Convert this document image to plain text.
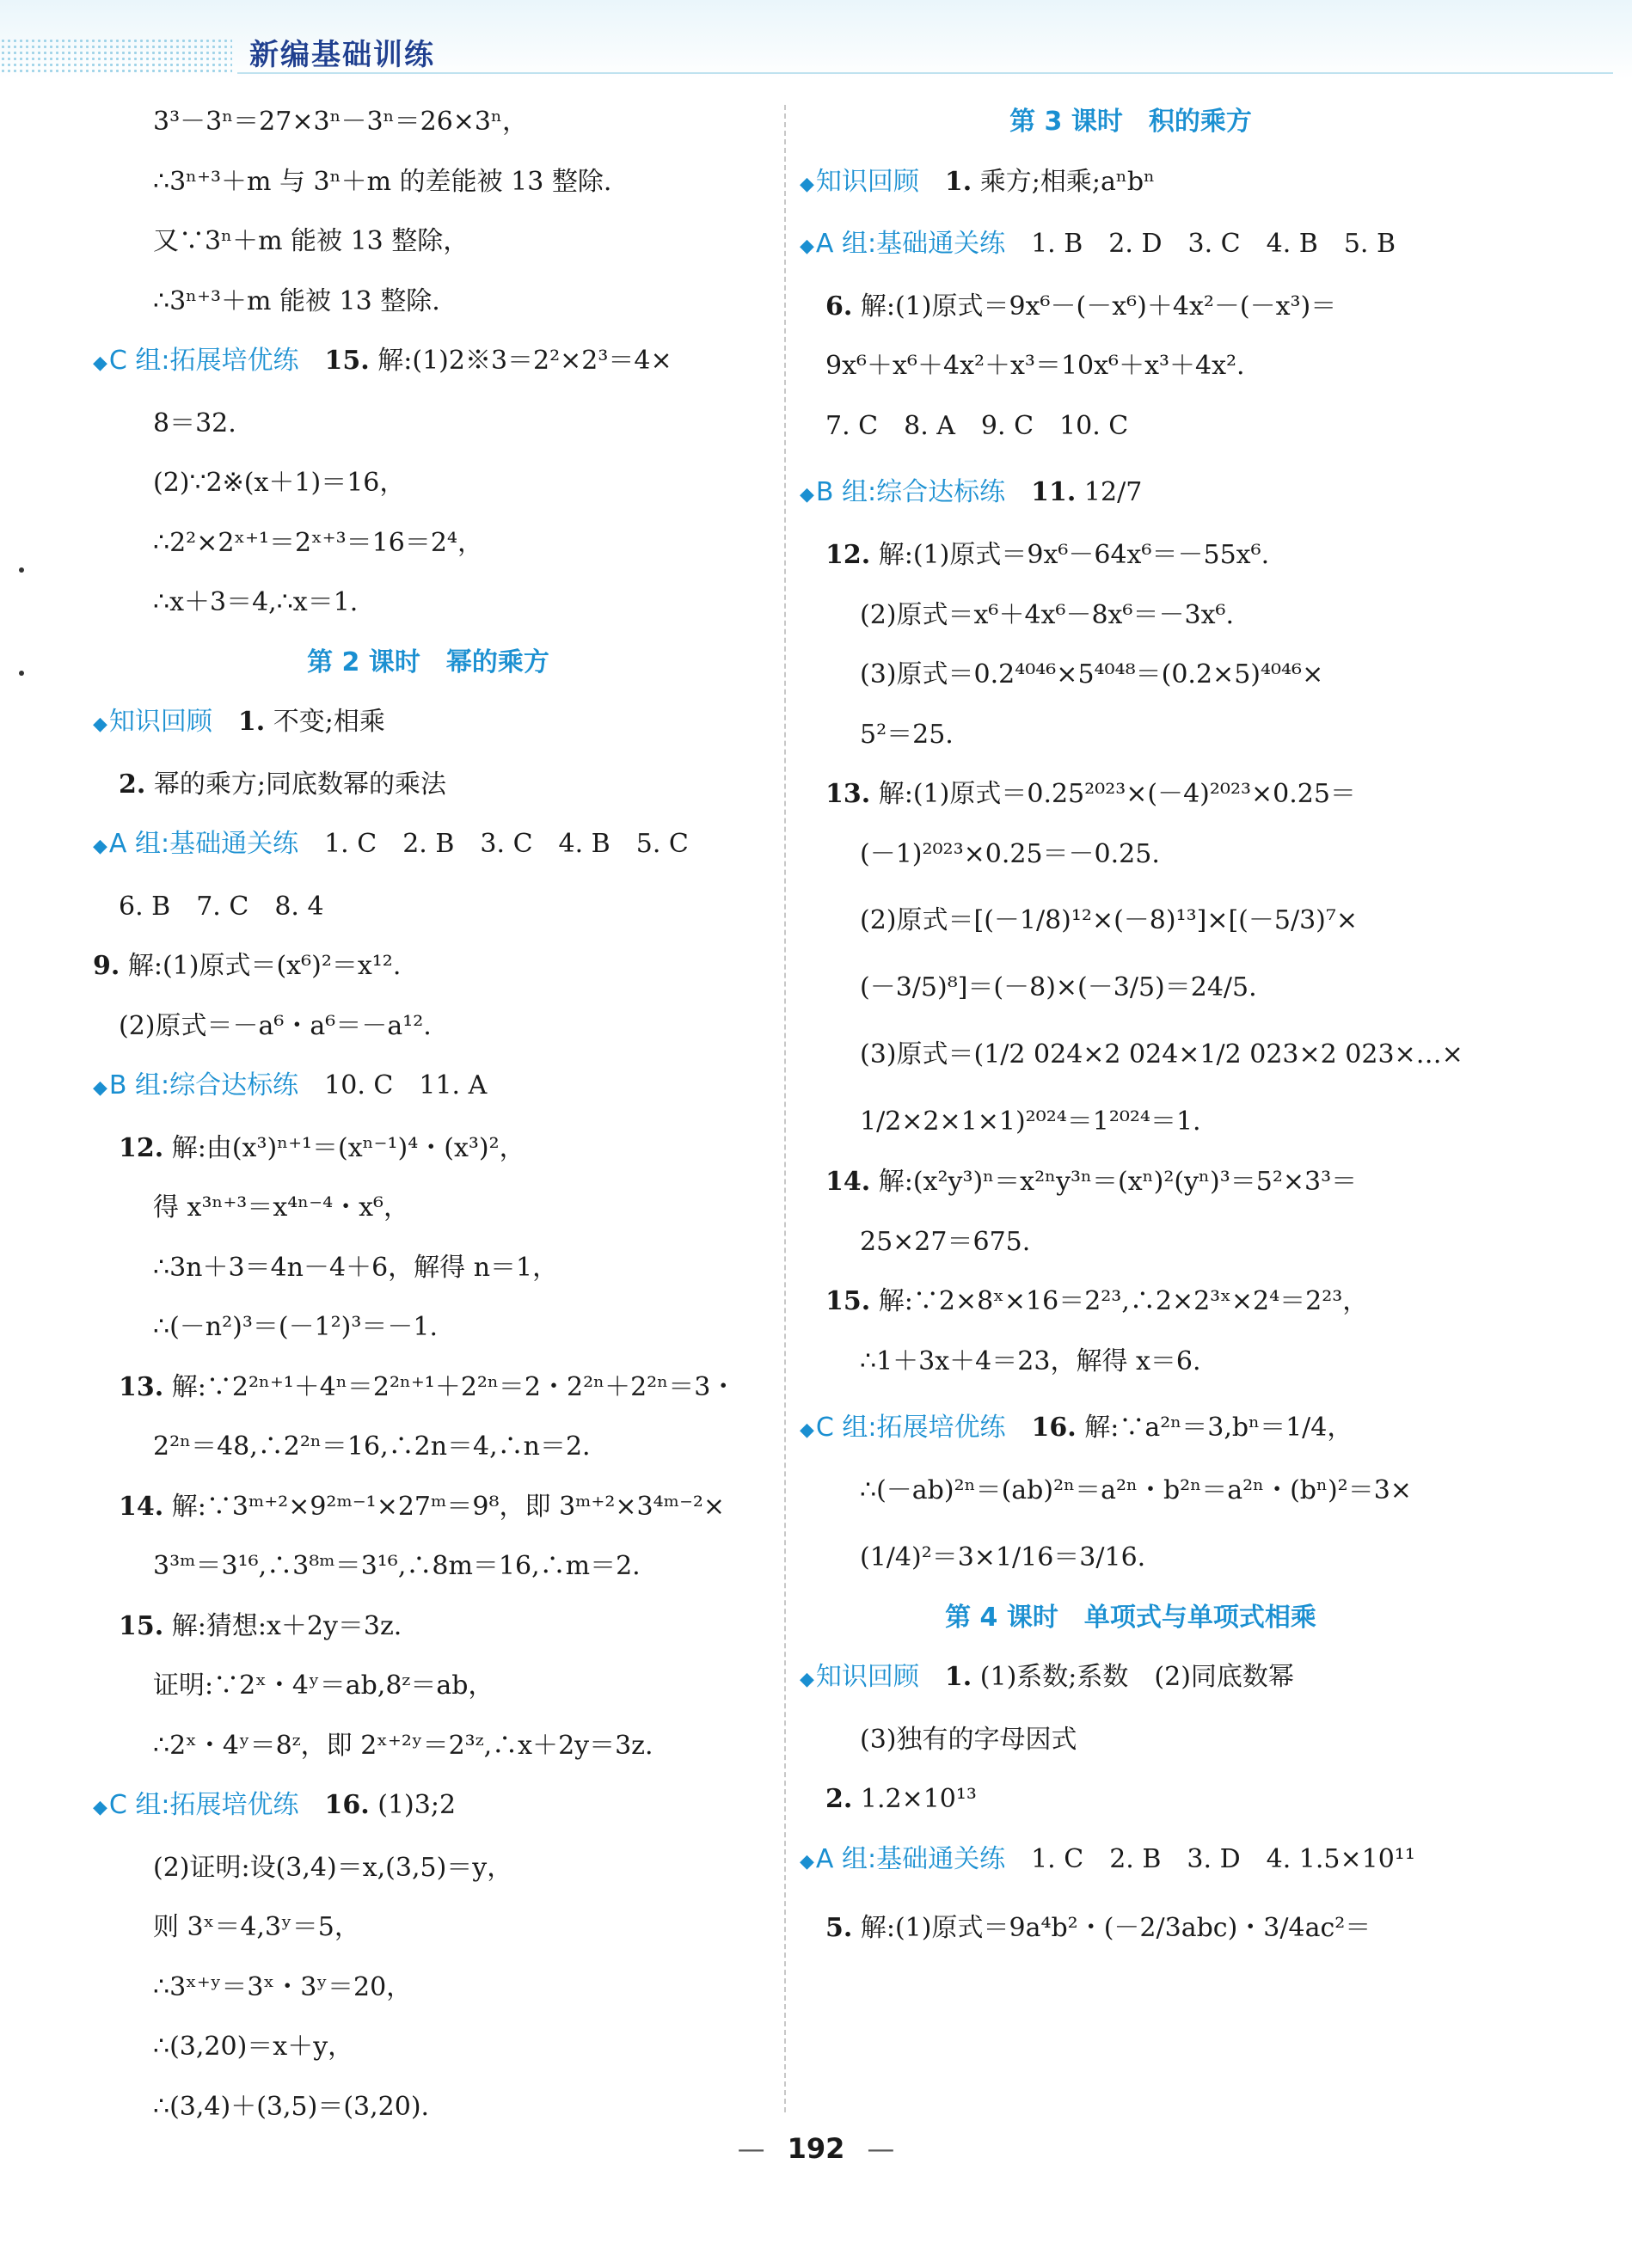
新编基础训练
3³－3ⁿ＝27×3ⁿ－3ⁿ＝26×3ⁿ，
∴3ⁿ⁺³＋m 与 3ⁿ＋m 的差能被 13 整除.
又∵3ⁿ＋m 能被 13 整除，
∴3ⁿ⁺³＋m 能被 13 整除.
◆C 组:拓展培优练  15. 解:(1)2※3＝2²×2³＝4×
8＝32.
(2)∵2※(x＋1)＝16，
∴2²×2ˣ⁺¹＝2ˣ⁺³＝16＝2⁴，
∴x＋3＝4,∴x＝1.
第 2 课时　幂的乘方
◆知识回顾  1. 不变;相乘
2. 幂的乘方;同底数幂的乘法
◆A 组:基础通关练  1. C　2. B　3. C　4. B　5. C
6. B　7. C　8. 4
9. 解:(1)原式＝(x⁶)²＝x¹².
(2)原式＝－a⁶・a⁶＝－a¹².
◆B 组:综合达标练  10. C　11. A
12. 解:由(x³)ⁿ⁺¹＝(xⁿ⁻¹)⁴・(x³)²，
得 x³ⁿ⁺³＝x⁴ⁿ⁻⁴・x⁶，
∴3n＋3＝4n－4＋6，解得 n＝1，
∴(－n²)³＝(－1²)³＝－1.
13. 解:∵2²ⁿ⁺¹＋4ⁿ＝2²ⁿ⁺¹＋2²ⁿ＝2・2²ⁿ＋2²ⁿ＝3・
2²ⁿ＝48,∴2²ⁿ＝16,∴2n＝4,∴n＝2.
14. 解:∵3ᵐ⁺²×9²ᵐ⁻¹×27ᵐ＝9⁸，即 3ᵐ⁺²×3⁴ᵐ⁻²×
3³ᵐ＝3¹⁶,∴3⁸ᵐ＝3¹⁶,∴8m＝16,∴m＝2.
15. 解:猜想:x＋2y＝3z.
证明:∵2ˣ・4ʸ＝ab,8ᶻ＝ab，
∴2ˣ・4ʸ＝8ᶻ，即 2ˣ⁺²ʸ＝2³ᶻ,∴x＋2y＝3z.
◆C 组:拓展培优练  16. (1)3;2
(2)证明:设(3,4)＝x,(3,5)＝y，
则 3ˣ＝4,3ʸ＝5，
∴3ˣ⁺ʸ＝3ˣ・3ʸ＝20，
∴(3,20)＝x＋y，
∴(3,4)＋(3,5)＝(3,20).
第 3 课时　积的乘方
◆知识回顾  1. 乘方;相乘;aⁿbⁿ
◆A 组:基础通关练  1. B　2. D　3. C　4. B　5. B
6. 解:(1)原式＝9x⁶－(－x⁶)＋4x²－(－x³)＝
9x⁶＋x⁶＋4x²＋x³＝10x⁶＋x³＋4x².
7. C　8. A　9. C　10. C
◆B 组:综合达标练  11. 12/7
12. 解:(1)原式＝9x⁶－64x⁶＝－55x⁶.
(2)原式＝x⁶＋4x⁶－8x⁶＝－3x⁶.
(3)原式＝0.2⁴⁰⁴⁶×5⁴⁰⁴⁸＝(0.2×5)⁴⁰⁴⁶×
5²＝25.
13. 解:(1)原式＝0.25²⁰²³×(－4)²⁰²³×0.25＝
(－1)²⁰²³×0.25＝－0.25.
(2)原式＝[(－1/8)¹²×(－8)¹³]×[(－5/3)⁷×
(－3/5)⁸]＝(－8)×(－3/5)＝24/5.
(3)原式＝(1/2 024×2 024×1/2 023×2 023×…×
1/2×2×1×1)²⁰²⁴＝1²⁰²⁴＝1.
14. 解:(x²y³)ⁿ＝x²ⁿy³ⁿ＝(xⁿ)²(yⁿ)³＝5²×3³＝
25×27＝675.
15. 解:∵2×8ˣ×16＝2²³,∴2×2³ˣ×2⁴＝2²³，
∴1＋3x＋4＝23，解得 x＝6.
◆C 组:拓展培优练  16. 解:∵a²ⁿ＝3,bⁿ＝1/4，
∴(－ab)²ⁿ＝(ab)²ⁿ＝a²ⁿ・b²ⁿ＝a²ⁿ・(bⁿ)²＝3×
(1/4)²＝3×1/16＝3/16.
第 4 课时　单项式与单项式相乘
◆知识回顾  1. (1)系数;系数　(2)同底数幂
(3)独有的字母因式
2. 1.2×10¹³
◆A 组:基础通关练  1. C　2. B　3. D　4. 1.5×10¹¹
5. 解:(1)原式＝9a⁴b²・(－2/3abc)・3/4ac²＝
— 192 —
